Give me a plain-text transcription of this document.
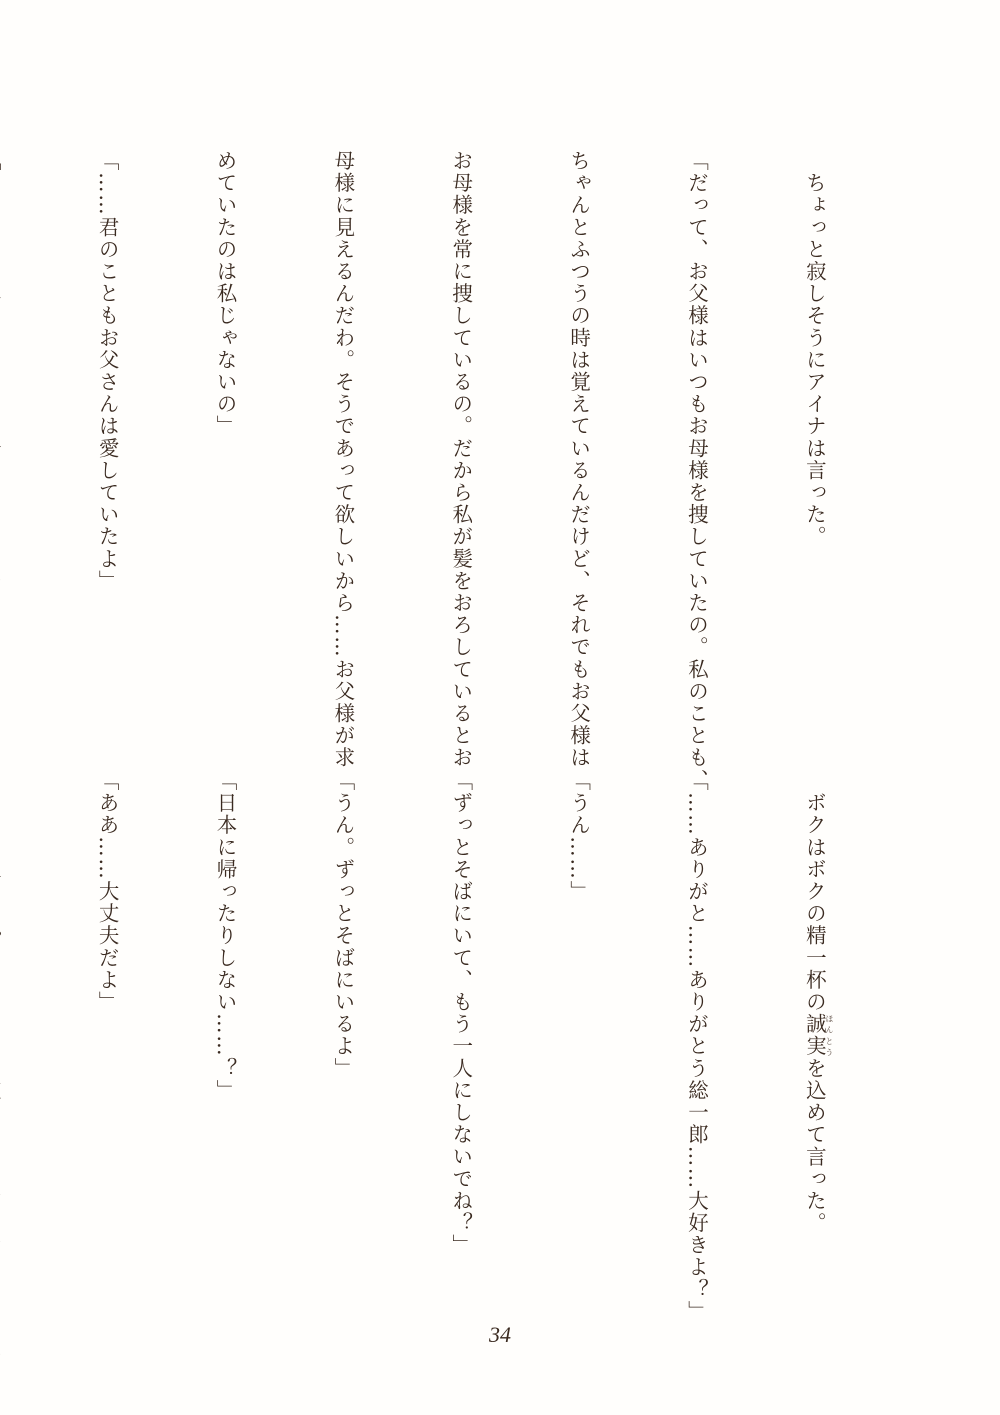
　ちょっと寂しそうにアイナは言った。

「だって、お父様はいつもお母様を捜していたの。私のことも、

ちゃんとふつうの時は覚えているんだけど、それでもお父様は

お母様を常に捜しているの。だから私が髪をおろしているとお

母様に見えるんだわ。そうであって欲しいから……お父様が求

めていたのは私じゃないの」

「……君のこともお父さんは愛していたよ」

　ボクはボクの精一杯の誠実ほんとうを込めて言った。

「……ありがと……ありがとう総一郎……大好きよ？」

「うん……」

「ずっとそばにいて、もう一人にしないでね？」

「うん。ずっとそばにいるよ」

「日本に帰ったりしない……？」

「ああ……大丈夫だよ」

34
